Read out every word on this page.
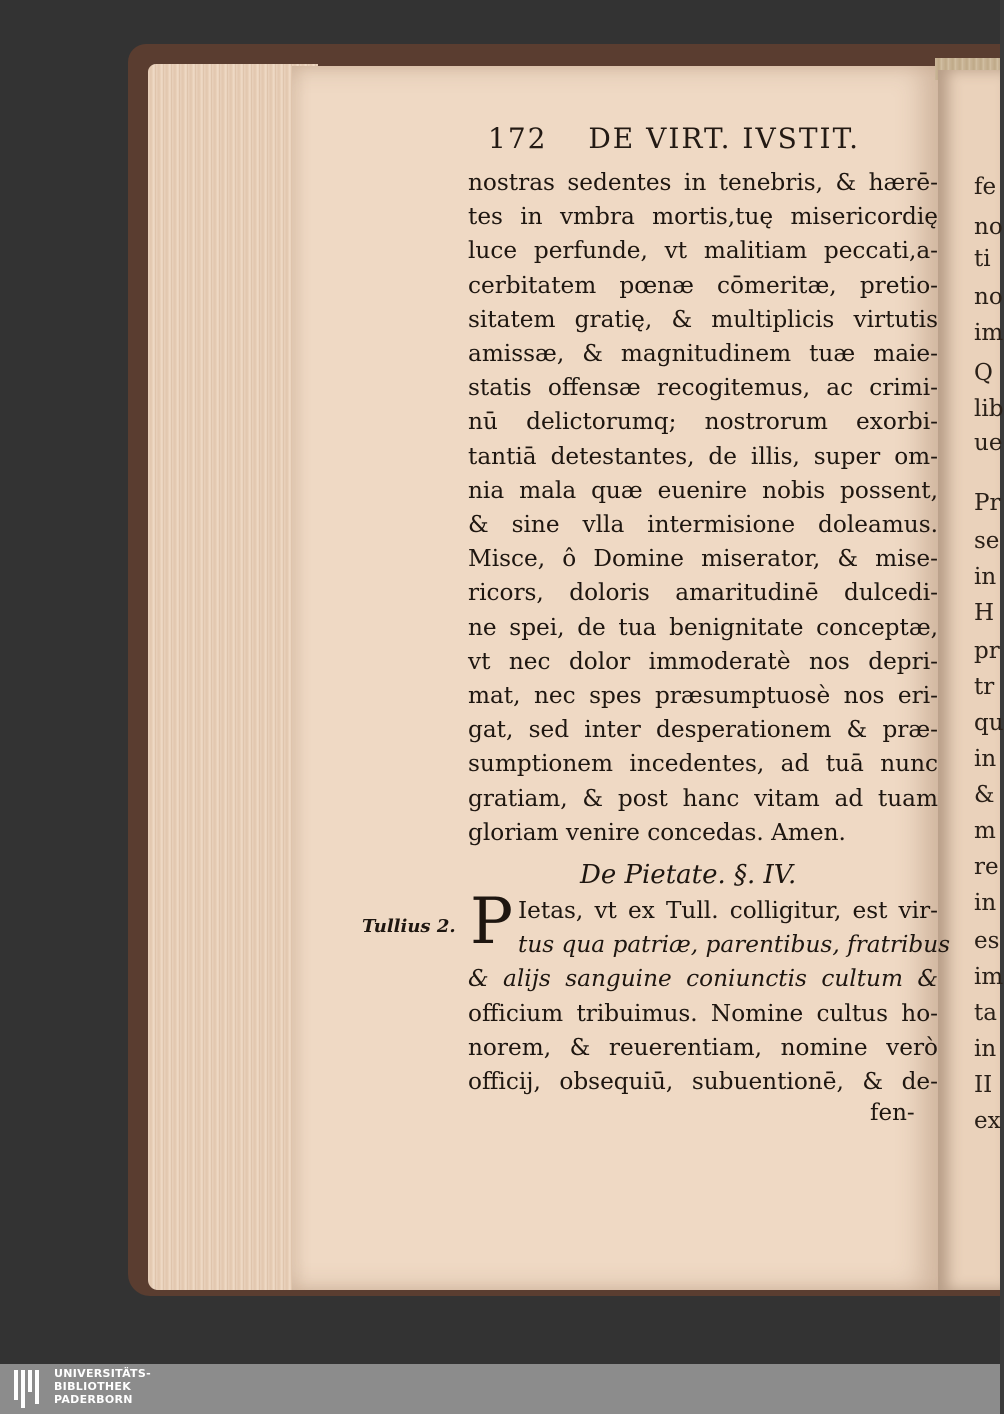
fe
no
ti
no
im
Q
lib
ue
Pr
se
in
H
pr
tr
qu
in
&
m
re
in
es
im
ta
in
II
ex
172 DE VIRT. IVSTIT.
nostras sedentes in tenebris, & hærē-
tes in vmbra mortis,tuę misericordię
luce perfunde, vt malitiam peccati,a-
cerbitatem pœnæ cōmeritæ, pretio-
sitatem gratię, & multiplicis virtutis
amissæ, & magnitudinem tuæ maie-
statis offensæ recogitemus, ac crimi-
nū delictorumq; nostrorum exorbi-
tantiā detestantes, de illis, super om-
nia mala quæ euenire nobis possent,
& sine vlla intermisione doleamus.
Misce, ô Domine miserator, & mise-
ricors, doloris amaritudinē dulcedi-
ne spei, de tua benignitate conceptæ,
vt nec dolor immoderatè nos depri-
mat, nec spes præsumptuosè nos eri-
gat, sed inter desperationem & præ-
sumptionem incedentes, ad tuā nunc
gratiam, & post hanc vitam ad tuam
gloriam venire concedas. Amen.
De Pietate. §. IV.
Tullius 2. P Ietas, vt ex Tull. colligitur, est vir-
tus qua patriæ, parentibus, fratribus
& alijs sanguine coniunctis cultum &
officium tribuimus. Nomine cultus ho-
norem, & reuerentiam, nomine verò
officij, obsequiū, subuentionē, & de-
fen-
UNIVERSITÄTS-
BIBLIOTHEK
PADERBORN
